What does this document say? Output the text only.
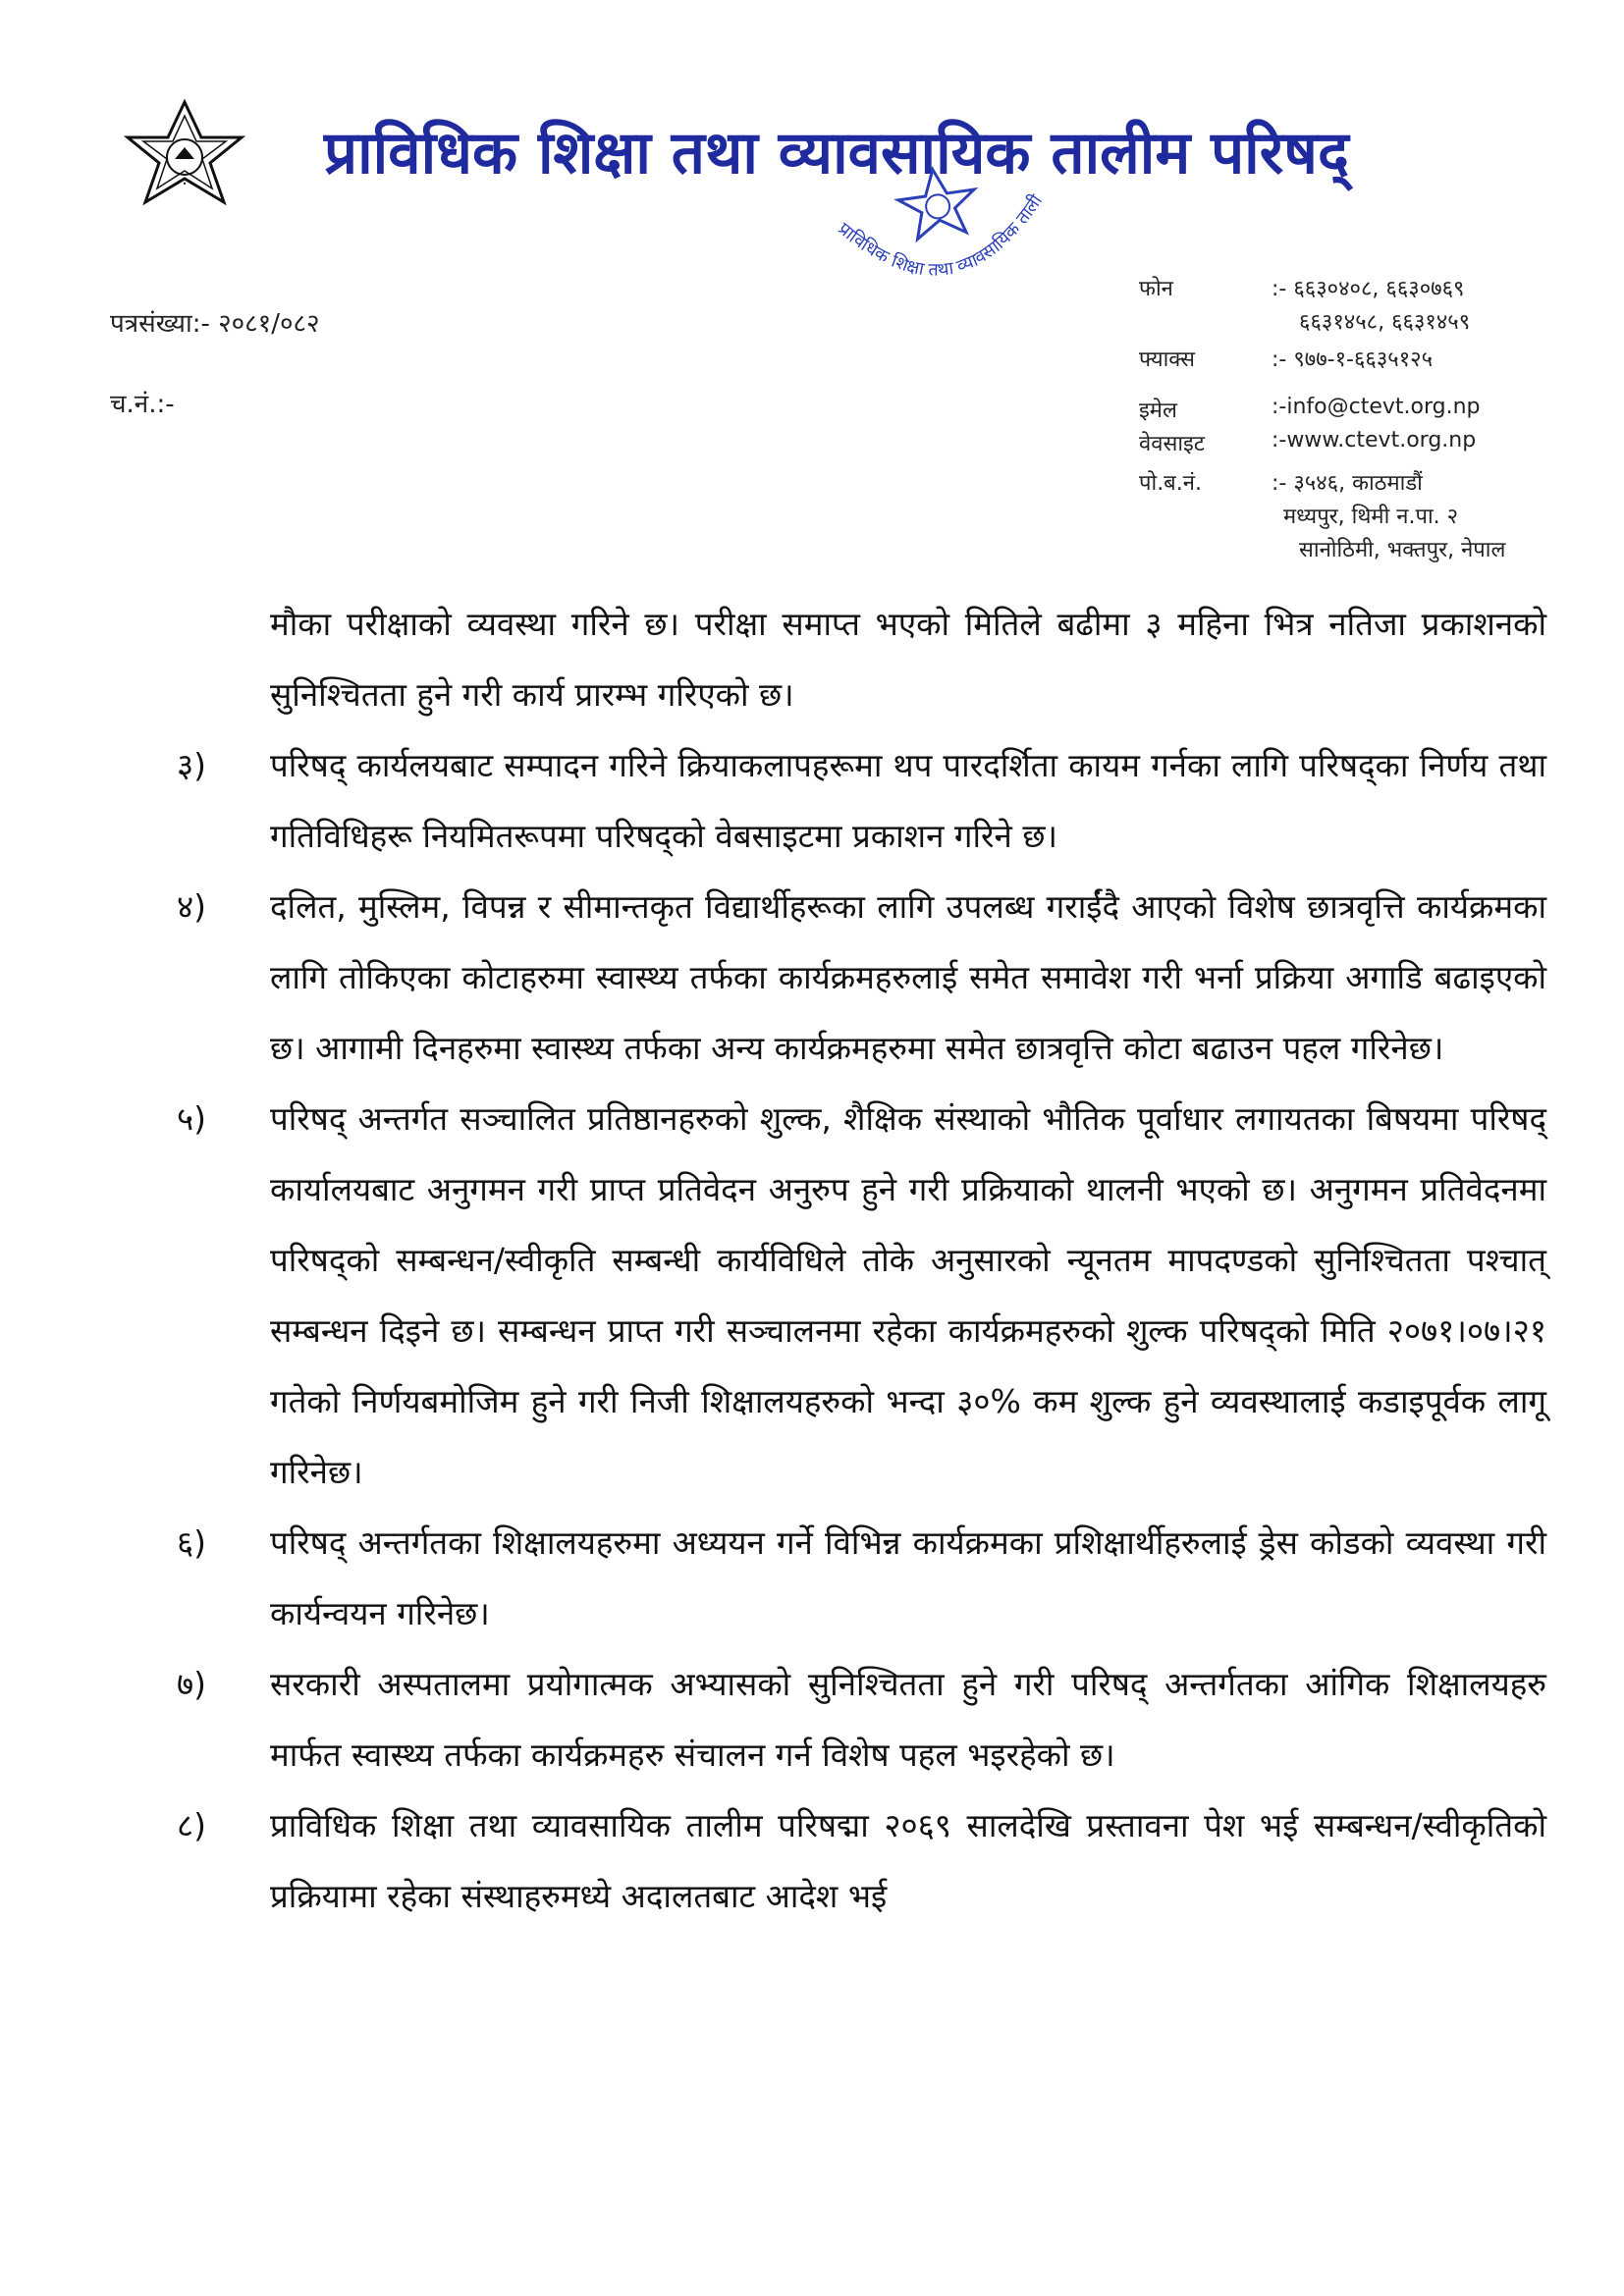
• • • प्राविधिक शिक्षा तथा व्यावसायिक तालीम परिषद्
प्राविधिक शिक्षा तथा व्यावसायिक तालीम
पत्रसंख्या:- २०८१/०८२
च.नं.:-
फोन	:- ६६३०४०८, ६६३०७६९
६६३१४५८, ६६३१४५९
फ्याक्स	:- ९७७-१-६६३५१२५
इमेल	:-info@ctevt.org.np
वेवसाइट	:-www.ctevt.org.np
पो.ब.नं.	:- ३५४६, काठमाडौं
मध्यपुर, थिमी न.पा. २
सानोठिमी, भक्तपुर, नेपाल

मौका परीक्षाको व्यवस्था गरिने छ। परीक्षा समाप्त भएको मितिले बढीमा ३ महिना भित्र नतिजा प्रकाशनको सुनिश्चितता हुने गरी कार्य प्रारम्भ गरिएको छ।

३)	परिषद् कार्यलयबाट सम्पादन गरिने क्रियाकलापहरूमा थप पारदर्शिता कायम गर्नका लागि परिषद्का निर्णय तथा गतिविधिहरू नियमितरूपमा परिषद्को वेबसाइटमा प्रकाशन गरिने छ।
४)	दलित, मुस्लिम, विपन्न र सीमान्तकृत विद्यार्थीहरूका लागि उपलब्ध गराईंदै आएको विशेष छात्रवृत्ति कार्यक्रमका लागि तोकिएका कोटाहरुमा स्वास्थ्य तर्फका कार्यक्रमहरुलाई समेत समावेश गरी भर्ना प्रक्रिया अगाडि बढाइएको छ। आगामी दिनहरुमा स्वास्थ्य तर्फका अन्य कार्यक्रमहरुमा समेत छात्रवृत्ति कोटा बढाउन पहल गरिनेछ।
५)	परिषद् अन्तर्गत सञ्चालित प्रतिष्ठानहरुको शुल्क, शैक्षिक संस्थाको भौतिक पूर्वाधार लगायतका बिषयमा परिषद् कार्यालयबाट अनुगमन गरी प्राप्त प्रतिवेदन अनुरुप हुने गरी प्रक्रियाको थालनी भएको छ। अनुगमन प्रतिवेदनमा परिषद्को सम्बन्धन/स्वीकृति सम्बन्धी कार्यविधिले तोके अनुसारको न्यूनतम मापदण्डको सुनिश्चितता पश्चात् सम्बन्धन दिइने छ। सम्बन्धन प्राप्त गरी सञ्चालनमा रहेका कार्यक्रमहरुको शुल्क परिषद्को मिति २०७१।०७।२१ गतेको निर्णयबमोजिम हुने गरी निजी शिक्षालयहरुको भन्दा ३०% कम शुल्क हुने व्यवस्थालाई कडाइपूर्वक लागू गरिनेछ।
६)	परिषद् अन्तर्गतका शिक्षालयहरुमा अध्ययन गर्ने विभिन्न कार्यक्रमका प्रशिक्षार्थीहरुलाई ड्रेस कोडको व्यवस्था गरी कार्यन्वयन गरिनेछ।
७)	सरकारी अस्पतालमा प्रयोगात्मक अभ्यासको सुनिश्चितता हुने गरी परिषद् अन्तर्गतका आंगिक शिक्षालयहरु मार्फत स्वास्थ्य तर्फका कार्यक्रमहरु संचालन गर्न विशेष पहल भइरहेको छ।
८)	प्राविधिक शिक्षा तथा व्यावसायिक तालीम परिषद्मा २०६९ सालदेखि प्रस्तावना पेश भई सम्बन्धन/स्वीकृतिको प्रक्रियामा रहेका संस्थाहरुमध्ये अदालतबाट आदेश भई
